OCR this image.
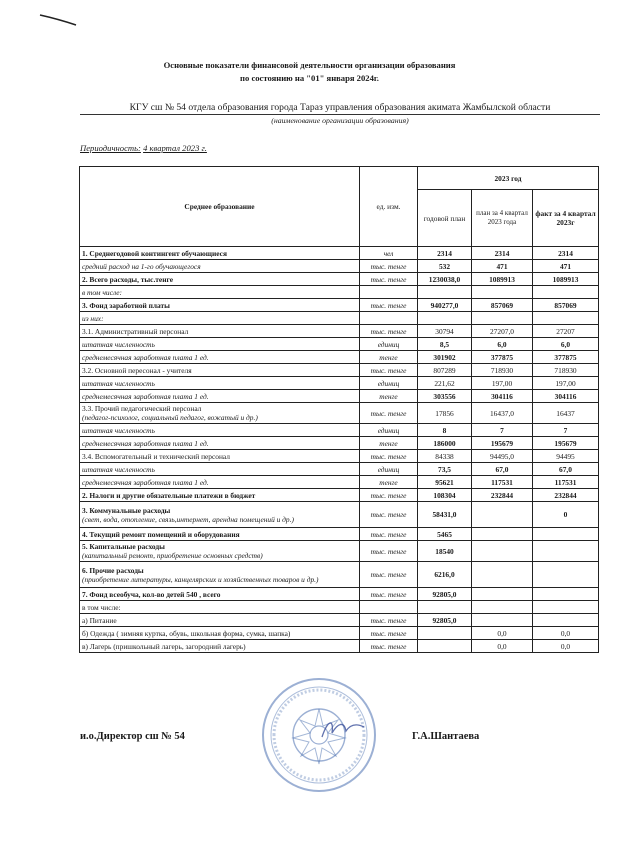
Основные показатели финансовой деятельности организации образования
по состоянию на "01" января 2024г.
КГУ сш № 54 отдела образования города Тараз управления образования акимата Жамбылской области
(наименование организации образования)
Периодичность: 4 квартал 2023 г.
Среднее образование	ед. изм.	2023 год		
		годовой план	план за 4 квартал 2023 года	факт за 4 квартал 2023г

1. Среднегодовой контингент обучающиеся	чел	2314	2314	2314

средний расход на 1-го обучающегося	тыс. тенге	532	471	471

2. Всего расходы, тыс.тенге	тыс. тенге	1230038,0	1089913	1089913

в том числе:				

3. Фонд заработной платы	тыс. тенге	940277,0	857069	857069

из них:				

3.1. Административный персонал	тыс. тенге	30794	27207,0	27207

штатная численность	единиц	8,5	6,0	6,0

среднемесячная заработная плата 1 ед.	тенге	301902	377875	377875

3.2. Основной пересонал - учителя	тыс. тенге	807289	718930	718930

штатная численность	единиц	221,62	197,00	197,00

среднемесячная заработная плата 1 ед.	тенге	303556	304116	304116

3.3. Прочий педагогический персонал
(педагог-психолог, социальный педагог, вожатый и др.)	тыс. тенге	17856	16437,0	16437

штатная численность	единиц	8	7	7

среднемесячная заработная плата 1 ед.	тенге	186000	195679	195679

3.4. Вспомогательный и технический персонал	тыс. тенге	84338	94495,0	94495

штатная численность	единиц	73,5	67,0	67,0

среднемесячная заработная плата 1 ед.	тенге	95621	117531	117531

2. Налоги и другие обязательные платежи в бюджет	тыс. тенге	108304	232844	232844

3. Коммунальные расходы
(свет, вода, отопление, связь,интернет, арендна помещений и др.)	тыс. тенге	58431,0		0

4. Текущий ремонт помещений и оборудования	тыс. тенге	5465		

5. Капитальные расходы
(капитальный ремонт, приобретение основных средств)	тыс. тенге	18540		

6. Прочие расходы
(приобретение литературы, канцелярских и хозяйственных товаров и др.)	тыс. тенге	6216,0		

7. Фонд всеобуча, кол-во детей 540 , всего	тыс. тенге	92805,0		

в том числе:				

а) Питание	тыс. тенге	92805,0		

б) Одежда ( зимняя куртка, обувь, школьная форма, сумка, шапка)	тыс. тенге		0,0	0,0

в) Лагерь (пришкольный лагерь, загородний лагерь)	тыс. тенге		0,0	0,0
и.о.Директор сш № 54	Г.А.Шантаева
